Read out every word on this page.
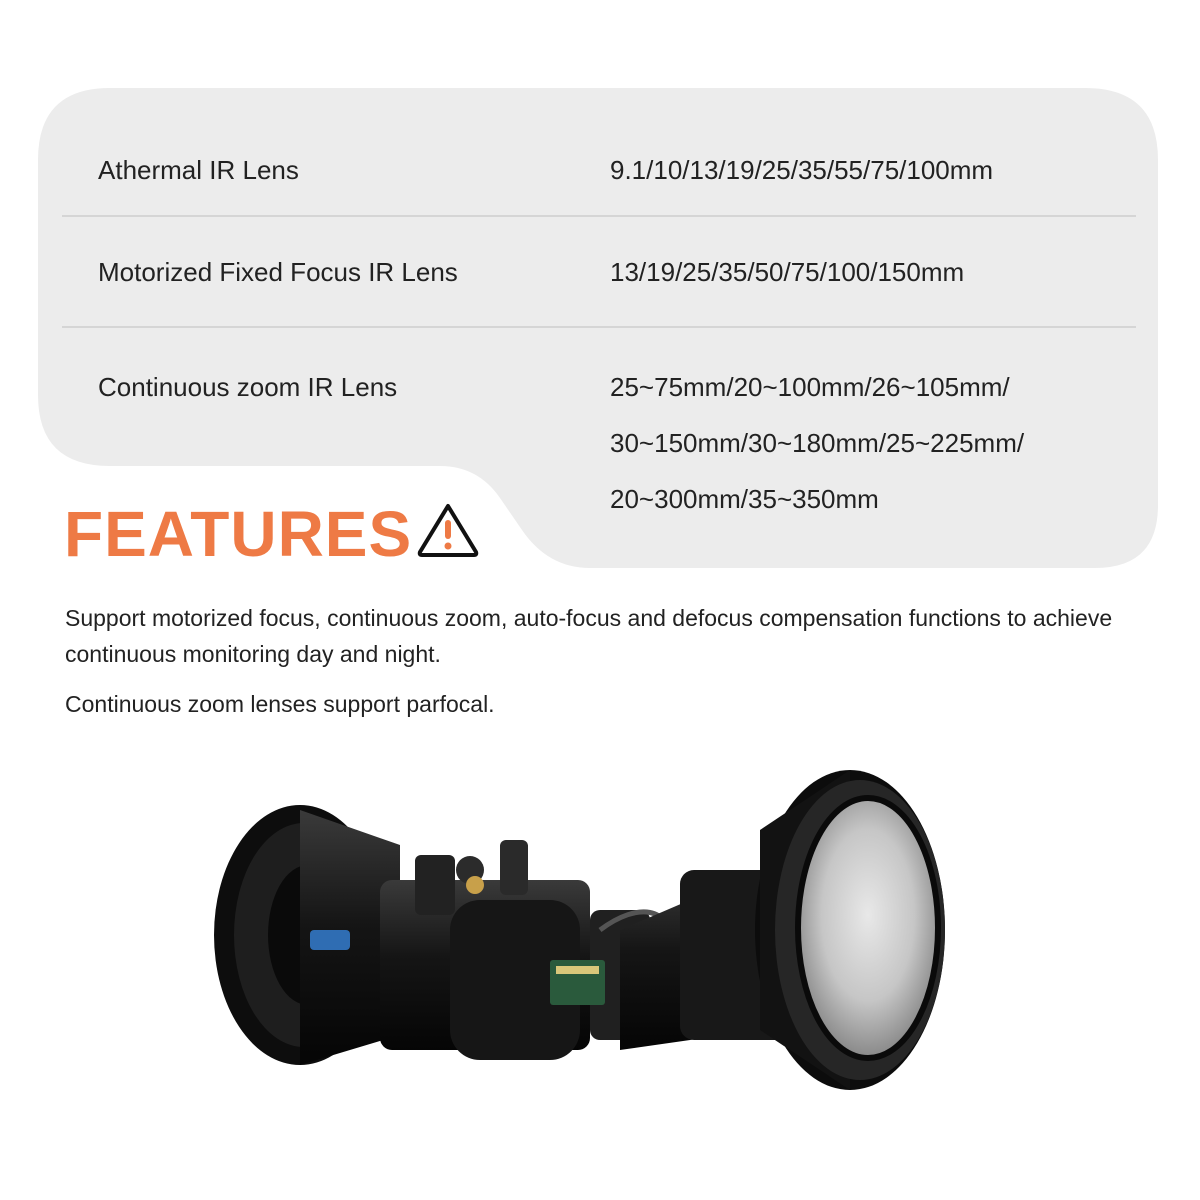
Athermal IR Lens	9.1/10/13/19/25/35/55/75/100mm
Motorized Fixed Focus IR Lens	13/19/25/35/50/75/100/150mm
Continuous zoom IR Lens	25~75mm/20~100mm/26~105mm/
30~150mm/30~180mm/25~225mm/
20~300mm/35~350mm
FEATURES
Support motorized focus, continuous zoom, auto-focus and defocus compensation functions to achieve continuous monitoring day and night.
Continuous zoom lenses support parfocal.
